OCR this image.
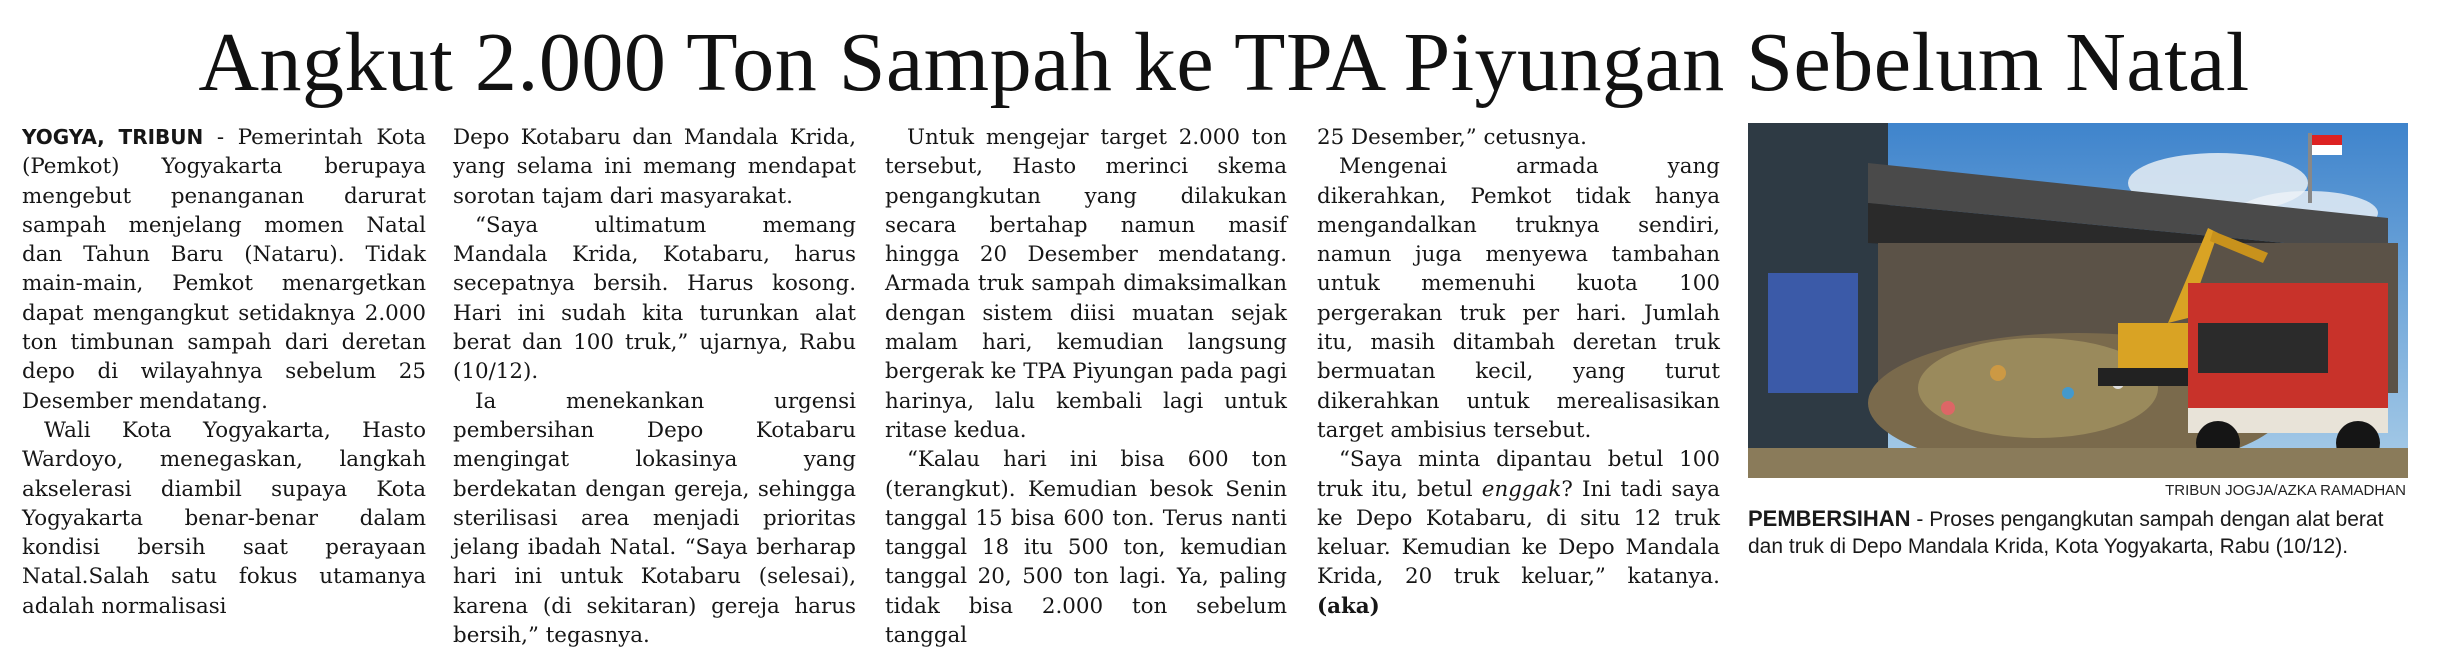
Angkut 2.000 Ton Sampah ke TPA Piyungan Sebelum Natal

YOGYA, TRIBUN - Pemerintah Kota (Pemkot) Yogyakarta berupaya mengebut penanganan darurat sampah menjelang momen Natal dan Tahun Baru (Nataru). Tidak main-main, Pemkot menargetkan dapat mengangkut setidaknya 2.000 ton timbunan sampah dari deretan depo di wilayahnya sebelum 25 Desember mendatang.

Wali Kota Yogyakarta, Hasto Wardoyo, menegaskan, langkah akselerasi diambil supaya Kota Yogyakarta benar-benar dalam kondisi bersih saat perayaan Natal.Salah satu fokus utamanya adalah normalisasi

Depo Kotabaru dan Mandala Krida, yang selama ini memang mendapat sorotan tajam dari masyarakat.

“Saya ultimatum memang Mandala Krida, Kotabaru, harus secepatnya bersih. Harus kosong. Hari ini sudah kita turunkan alat berat dan 100 truk,” ujarnya, Rabu (10/12).

Ia menekankan urgensi pembersihan Depo Kotabaru mengingat lokasinya yang berdekatan dengan gereja, sehingga sterilisasi area menjadi prioritas jelang ibadah Natal. “Saya berharap hari ini untuk Kotabaru (selesai), karena (di sekitaran) gereja harus bersih,” tegasnya.

Untuk mengejar target 2.000 ton tersebut, Hasto merinci skema pengangkutan yang dilakukan secara bertahap namun masif hingga 20 Desember mendatang. Armada truk sampah dimaksimalkan dengan sistem diisi muatan sejak malam hari, kemudian langsung bergerak ke TPA Piyungan pada pagi harinya, lalu kembali lagi untuk ritase kedua.

“Kalau hari ini bisa 600 ton (terangkut). Kemudian besok Senin tanggal 15 bisa 600 ton. Terus nanti tanggal 18 itu 500 ton, kemudian tanggal 20, 500 ton lagi. Ya, paling tidak bisa 2.000 ton sebelum tanggal

25 Desember,” cetusnya.

Mengenai armada yang dikerahkan, Pemkot tidak hanya mengandalkan truknya sendiri, namun juga menyewa tambahan untuk memenuhi kuota 100 pergerakan truk per hari. Jumlah itu, masih ditambah deretan truk bermuatan kecil, yang turut dikerahkan untuk merealisasikan target ambisius tersebut.

“Saya minta dipantau betul 100 truk itu, betul enggak? Ini tadi saya ke Depo Kotabaru, di situ 12 truk keluar. Kemudian ke Depo Mandala Krida, 20 truk keluar,” katanya. (aka)

TRIBUN JOGJA/AZKA RAMADHAN
PEMBERSIHAN - Proses pengangkutan sampah dengan alat berat dan truk di Depo Mandala Krida, Kota Yogyakarta, Rabu (10/12).
